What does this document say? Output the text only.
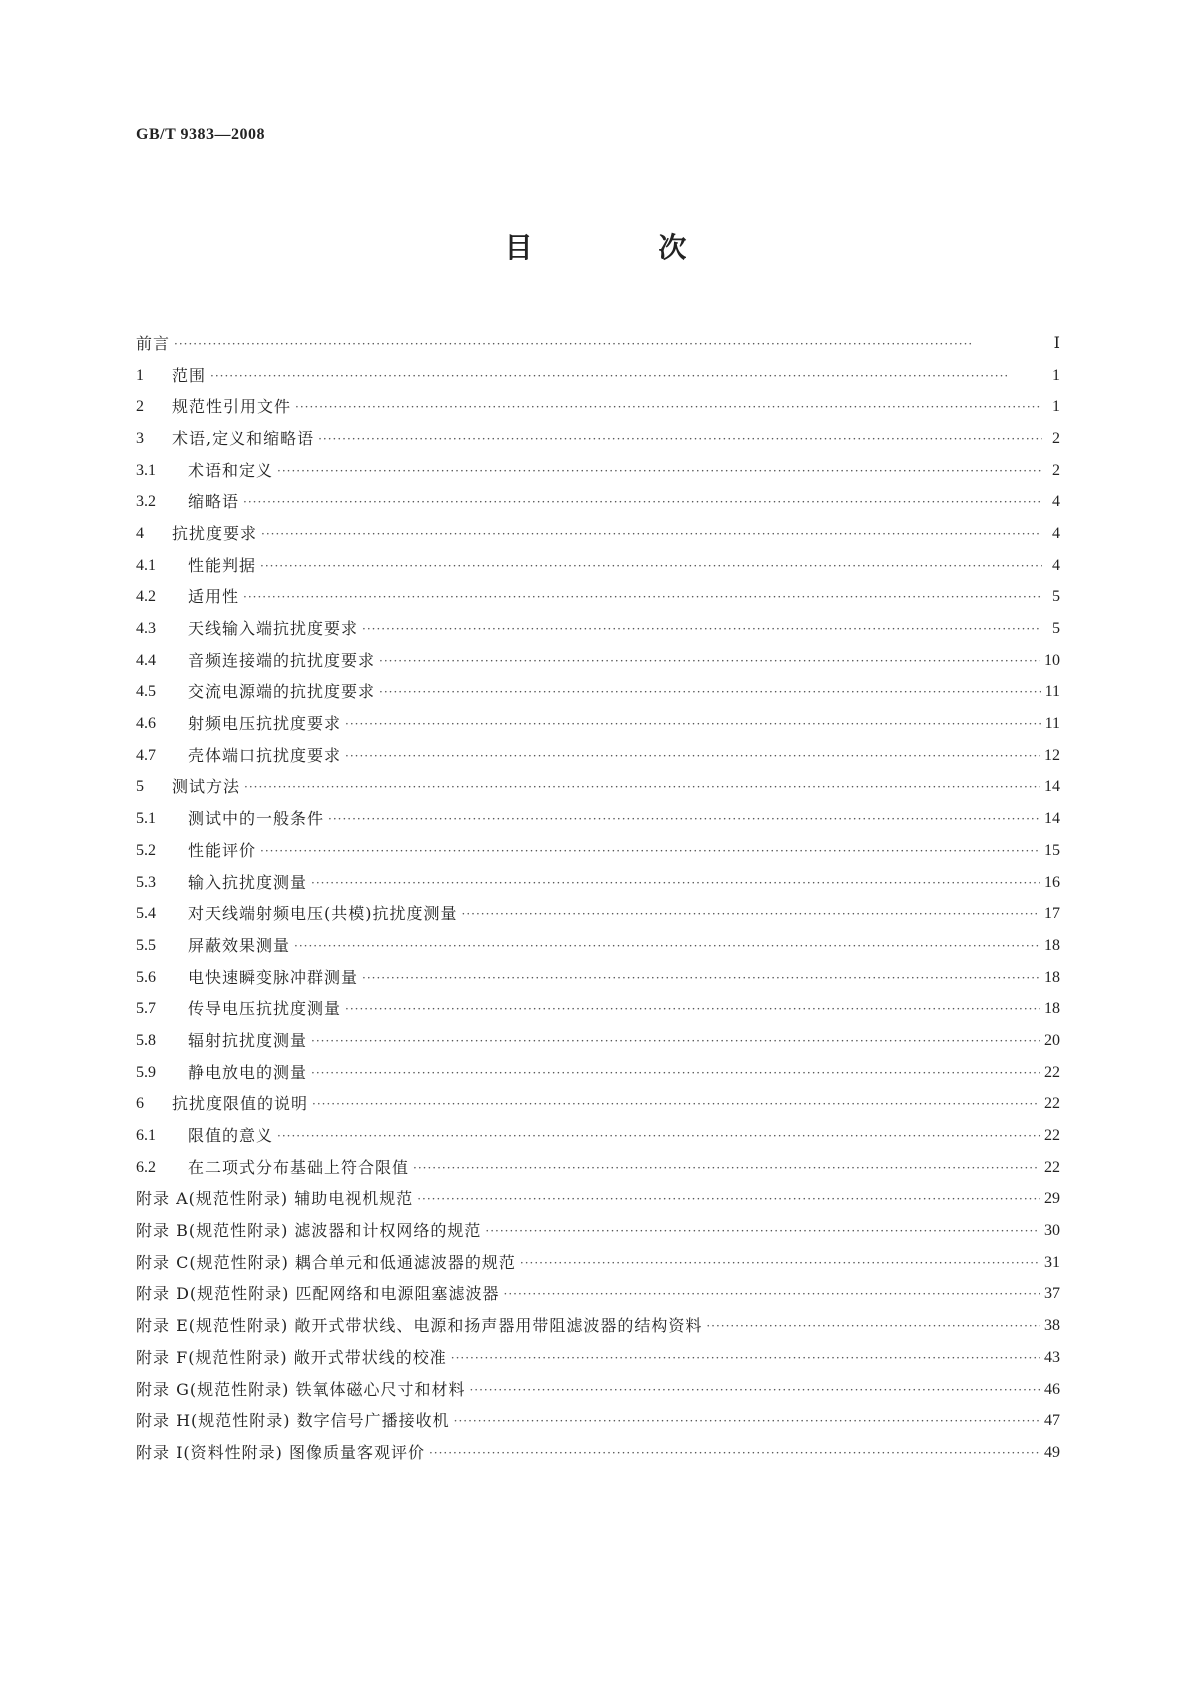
GB/T 9383—2008
目 次
前言 ·····	Ⅰ
1	范围 ·····	1
2	规范性引用文件 ·····	1
3	术语,定义和缩略语 ·····	2
3.1	术语和定义 ·····	2
3.2	缩略语 ·····	4
4	抗扰度要求 ·····	4
4.1	性能判据 ·····	4
4.2	适用性 ·····	5
4.3	天线输入端抗扰度要求 ·····	5
4.4	音频连接端的抗扰度要求 ·····	10
4.5	交流电源端的抗扰度要求 ·····	11
4.6	射频电压抗扰度要求 ·····	11
4.7	壳体端口抗扰度要求 ·····	12
5	测试方法 ·····	14
5.1	测试中的一般条件 ·····	14
5.2	性能评价 ·····	15
5.3	输入抗扰度测量 ·····	16
5.4	对天线端射频电压(共模)抗扰度测量 ·····	17
5.5	屏蔽效果测量 ·····	18
5.6	电快速瞬变脉冲群测量 ·····	18
5.7	传导电压抗扰度测量 ·····	18
5.8	辐射抗扰度测量 ·····	20
5.9	静电放电的测量 ·····	22
6	抗扰度限值的说明 ·····	22
6.1	限值的意义 ·····	22
6.2	在二项式分布基础上符合限值 ·····	22
附录 A(规范性附录) 辅助电视机规范 ·····	29
附录 B(规范性附录) 滤波器和计权网络的规范 ·····	30
附录 C(规范性附录) 耦合单元和低通滤波器的规范 ·····	31
附录 D(规范性附录) 匹配网络和电源阻塞滤波器 ·····	37
附录 E(规范性附录) 敞开式带状线、电源和扬声器用带阻滤波器的结构资料 ·····	38
附录 F(规范性附录) 敞开式带状线的校准 ·····	43
附录 G(规范性附录) 铁氧体磁心尺寸和材料 ·····	46
附录 H(规范性附录) 数字信号广播接收机 ·····	47
附录 I(资料性附录) 图像质量客观评价 ·····	49
